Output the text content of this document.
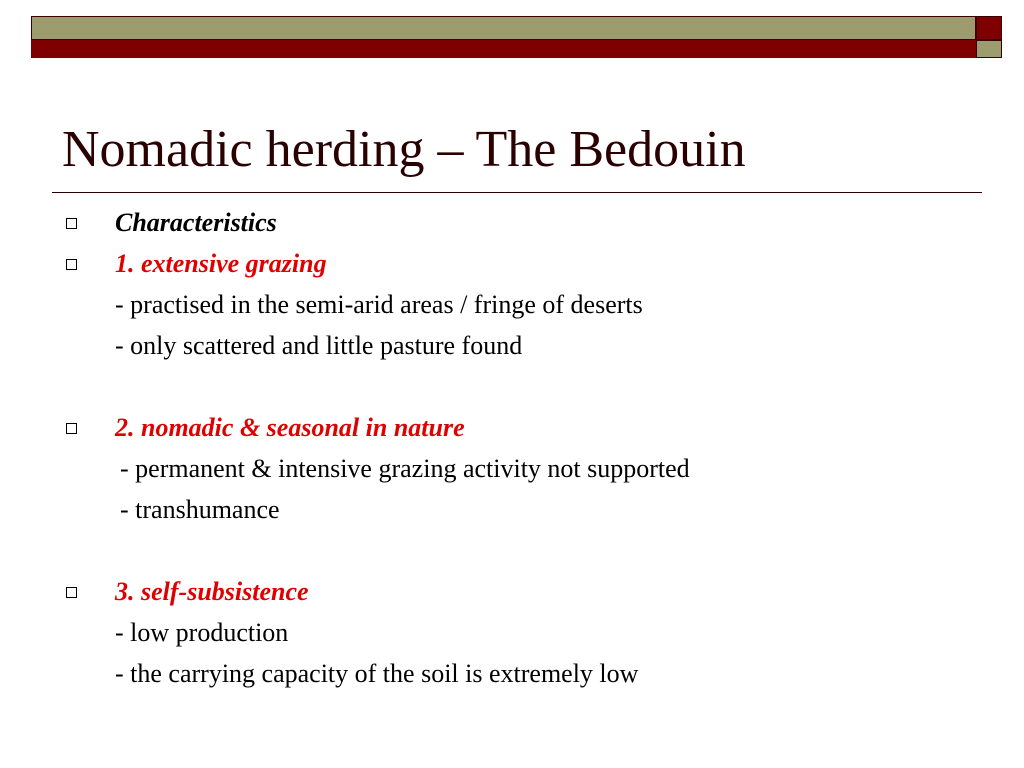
Nomadic herding – The Bedouin
Characteristics
1. extensive grazing
- practised in the semi-arid areas / fringe of deserts
- only scattered and little pasture found
2. nomadic & seasonal in nature
- permanent & intensive grazing activity not supported
- transhumance
3. self-subsistence
- low production
- the carrying capacity of the soil is extremely low
